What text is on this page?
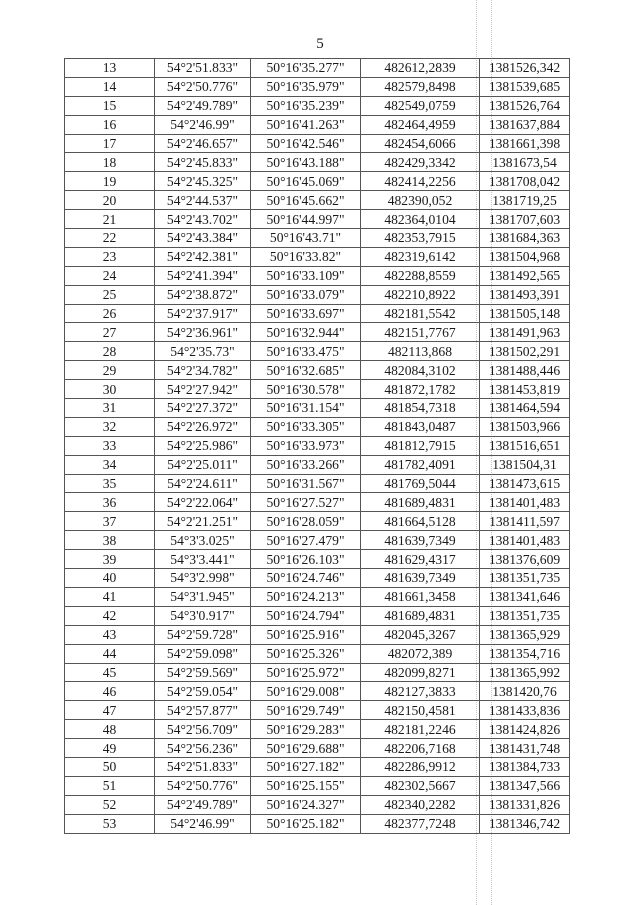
5
13	54°2'51.833"	50°16'35.277"	482612,2839	1381526,342
14	54°2'50.776"	50°16'35.979"	482579,8498	1381539,685
15	54°2'49.789"	50°16'35.239"	482549,0759	1381526,764
16	54°2'46.99"	50°16'41.263"	482464,4959	1381637,884
17	54°2'46.657"	50°16'42.546"	482454,6066	1381661,398
18	54°2'45.833"	50°16'43.188"	482429,3342	1381673,54
19	54°2'45.325"	50°16'45.069"	482414,2256	1381708,042
20	54°2'44.537"	50°16'45.662"	482390,052	1381719,25
21	54°2'43.702"	50°16'44.997"	482364,0104	1381707,603
22	54°2'43.384"	50°16'43.71"	482353,7915	1381684,363
23	54°2'42.381"	50°16'33.82"	482319,6142	1381504,968
24	54°2'41.394"	50°16'33.109"	482288,8559	1381492,565
25	54°2'38.872"	50°16'33.079"	482210,8922	1381493,391
26	54°2'37.917"	50°16'33.697"	482181,5542	1381505,148
27	54°2'36.961"	50°16'32.944"	482151,7767	1381491,963
28	54°2'35.73"	50°16'33.475"	482113,868	1381502,291
29	54°2'34.782"	50°16'32.685"	482084,3102	1381488,446
30	54°2'27.942"	50°16'30.578"	481872,1782	1381453,819
31	54°2'27.372"	50°16'31.154"	481854,7318	1381464,594
32	54°2'26.972"	50°16'33.305"	481843,0487	1381503,966
33	54°2'25.986"	50°16'33.973"	481812,7915	1381516,651
34	54°2'25.011"	50°16'33.266"	481782,4091	1381504,31
35	54°2'24.611"	50°16'31.567"	481769,5044	1381473,615
36	54°2'22.064"	50°16'27.527"	481689,4831	1381401,483
37	54°2'21.251"	50°16'28.059"	481664,5128	1381411,597
38	54°3'3.025"	50°16'27.479"	481639,7349	1381401,483
39	54°3'3.441"	50°16'26.103"	481629,4317	1381376,609
40	54°3'2.998"	50°16'24.746"	481639,7349	1381351,735
41	54°3'1.945"	50°16'24.213"	481661,3458	1381341,646
42	54°3'0.917"	50°16'24.794"	481689,4831	1381351,735
43	54°2'59.728"	50°16'25.916"	482045,3267	1381365,929
44	54°2'59.098"	50°16'25.326"	482072,389	1381354,716
45	54°2'59.569"	50°16'25.972"	482099,8271	1381365,992
46	54°2'59.054"	50°16'29.008"	482127,3833	1381420,76
47	54°2'57.877"	50°16'29.749"	482150,4581	1381433,836
48	54°2'56.709"	50°16'29.283"	482181,2246	1381424,826
49	54°2'56.236"	50°16'29.688"	482206,7168	1381431,748
50	54°2'51.833"	50°16'27.182"	482286,9912	1381384,733
51	54°2'50.776"	50°16'25.155"	482302,5667	1381347,566
52	54°2'49.789"	50°16'24.327"	482340,2282	1381331,826
53	54°2'46.99"	50°16'25.182"	482377,7248	1381346,742
